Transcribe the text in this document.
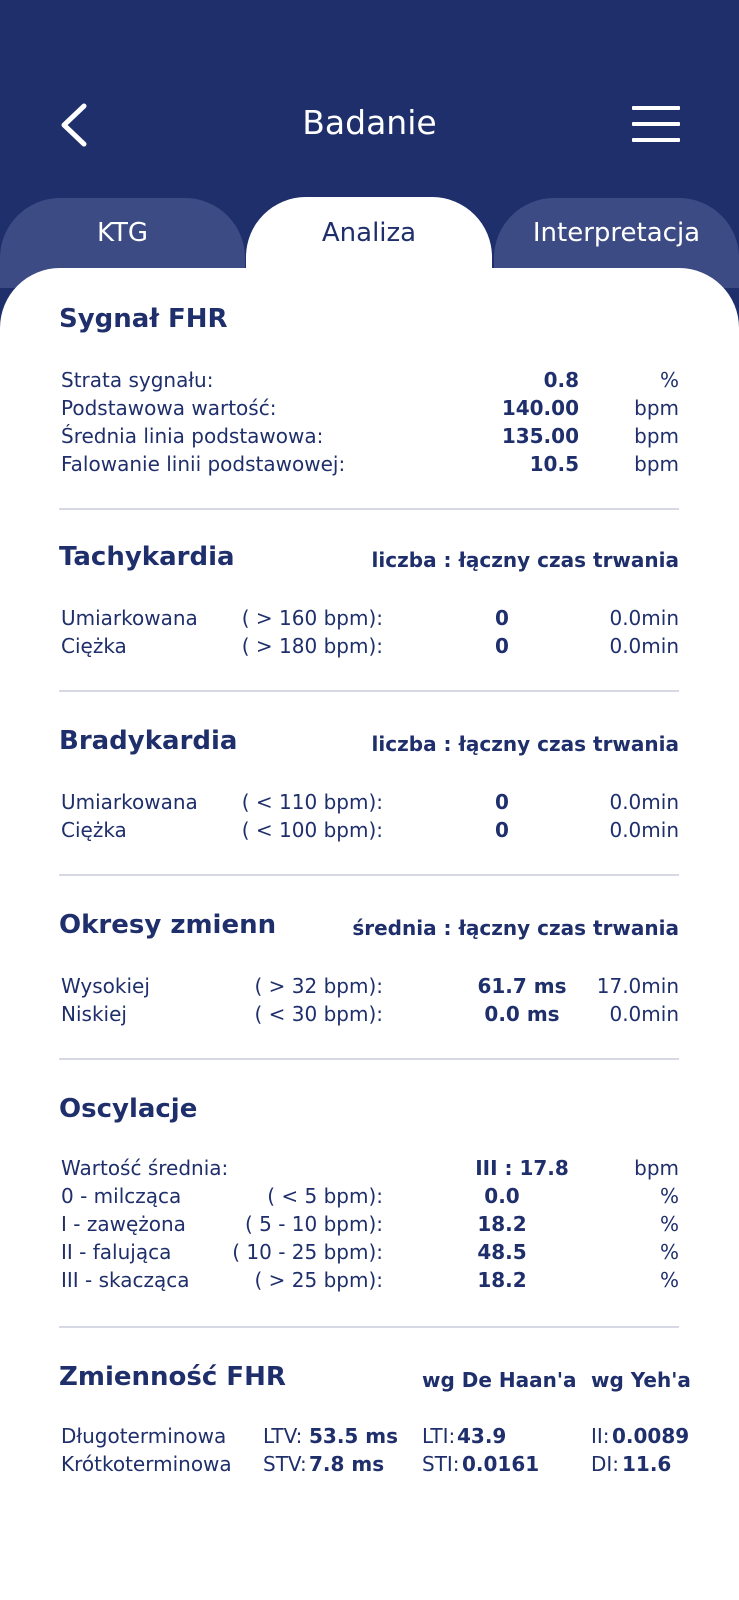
Badanie
KTG	Interpretacja
Analiza
Sygnał FHR
Strata sygnału:	0.8	%
Podstawowa wartość:	140.00	bpm
Średnia linia podstawowa:	135.00	bpm
Falowanie linii podstawowej:	10.5	bpm
Tachykardia	liczba : łączny czas trwania
Umiarkowana ( > 160 bpm):	0	0.0min
Ciężka	( > 180 bpm):	0	0.0min
Bradykardia	liczba : łączny czas trwania
Umiarkowana ( < 110 bpm):	0	0.0min
Ciężka	( < 100 bpm):	0	0.0min
Okresy zmienn	średnia : łączny czas trwania
Wysokiej	( > 32 bpm):	61.7 ms	17.0min
Niskiej	( < 30 bpm):	0.0 ms	0.0min
Oscylacje
Wartość średnia:	III : 17.8	bpm
0 - milcząca	( < 5 bpm):	0.0	%
I - zawężona	( 5 - 10 bpm):	18.2	%
II - falująca	( 10 - 25 bpm):	48.5	%
III - skacząca	( > 25 bpm):	18.2	%
Zmienność FHR	wg De Haan'a wg Yeh'a
Długoterminowa LTV: 53.5 ms LTI: 43.9	II: 0.0089
Krótkoterminowa STV: 7.8 ms STI: 0.0161	DI: 11.6
